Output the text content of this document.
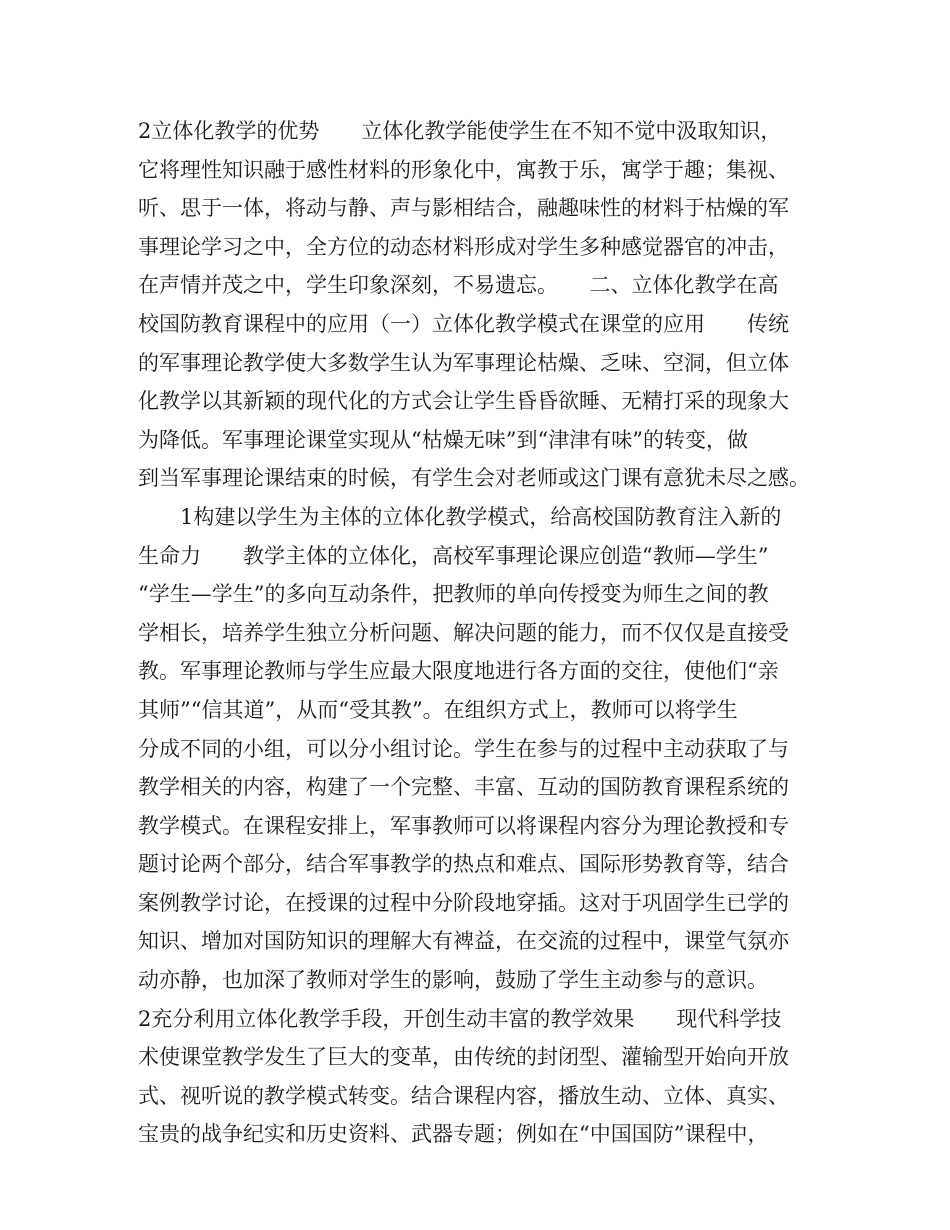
2立体化教学的优势　　立体化教学能使学生在不知不觉中汲取知识，
它将理性知识融于感性材料的形象化中，寓教于乐，寓学于趣；集视、
听、思于一体，将动与静、声与影相结合，融趣味性的材料于枯燥的军
事理论学习之中，全方位的动态材料形成对学生多种感觉器官的冲击，
在声情并茂之中，学生印象深刻，不易遗忘。　　二、立体化教学在高
校国防教育课程中的应用（一）立体化教学模式在课堂的应用　　传统
的军事理论教学使大多数学生认为军事理论枯燥、乏味、空洞，但立体
化教学以其新颖的现代化的方式会让学生昏昏欲睡、无精打采的现象大
为降低。军事理论课堂实现从“枯燥无味”到“津津有味”的转变，做
到当军事理论课结束的时候，有学生会对老师或这门课有意犹未尽之感。
　　1构建以学生为主体的立体化教学模式，给高校国防教育注入新的
生命力　　教学主体的立体化，高校军事理论课应创造“教师—学生”
“学生—学生”的多向互动条件，把教师的单向传授变为师生之间的教
学相长，培养学生独立分析问题、解决问题的能力，而不仅仅是直接受
教。军事理论教师与学生应最大限度地进行各方面的交往，使他们“亲
其师”“信其道”，从而“受其教”。在组织方式上，教师可以将学生
分成不同的小组，可以分小组讨论。学生在参与的过程中主动获取了与
教学相关的内容，构建了一个完整、丰富、互动的国防教育课程系统的
教学模式。在课程安排上，军事教师可以将课程内容分为理论教授和专
题讨论两个部分，结合军事教学的热点和难点、国际形势教育等，结合
案例教学讨论，在授课的过程中分阶段地穿插。这对于巩固学生已学的
知识、增加对国防知识的理解大有裨益，在交流的过程中，课堂气氛亦
动亦静，也加深了教师对学生的影响，鼓励了学生主动参与的意识。
2充分利用立体化教学手段，开创生动丰富的教学效果　　现代科学技
术使课堂教学发生了巨大的变革，由传统的封闭型、灌输型开始向开放
式、视听说的教学模式转变。结合课程内容，播放生动、立体、真实、
宝贵的战争纪实和历史资料、武器专题；例如在“中国国防”课程中，
